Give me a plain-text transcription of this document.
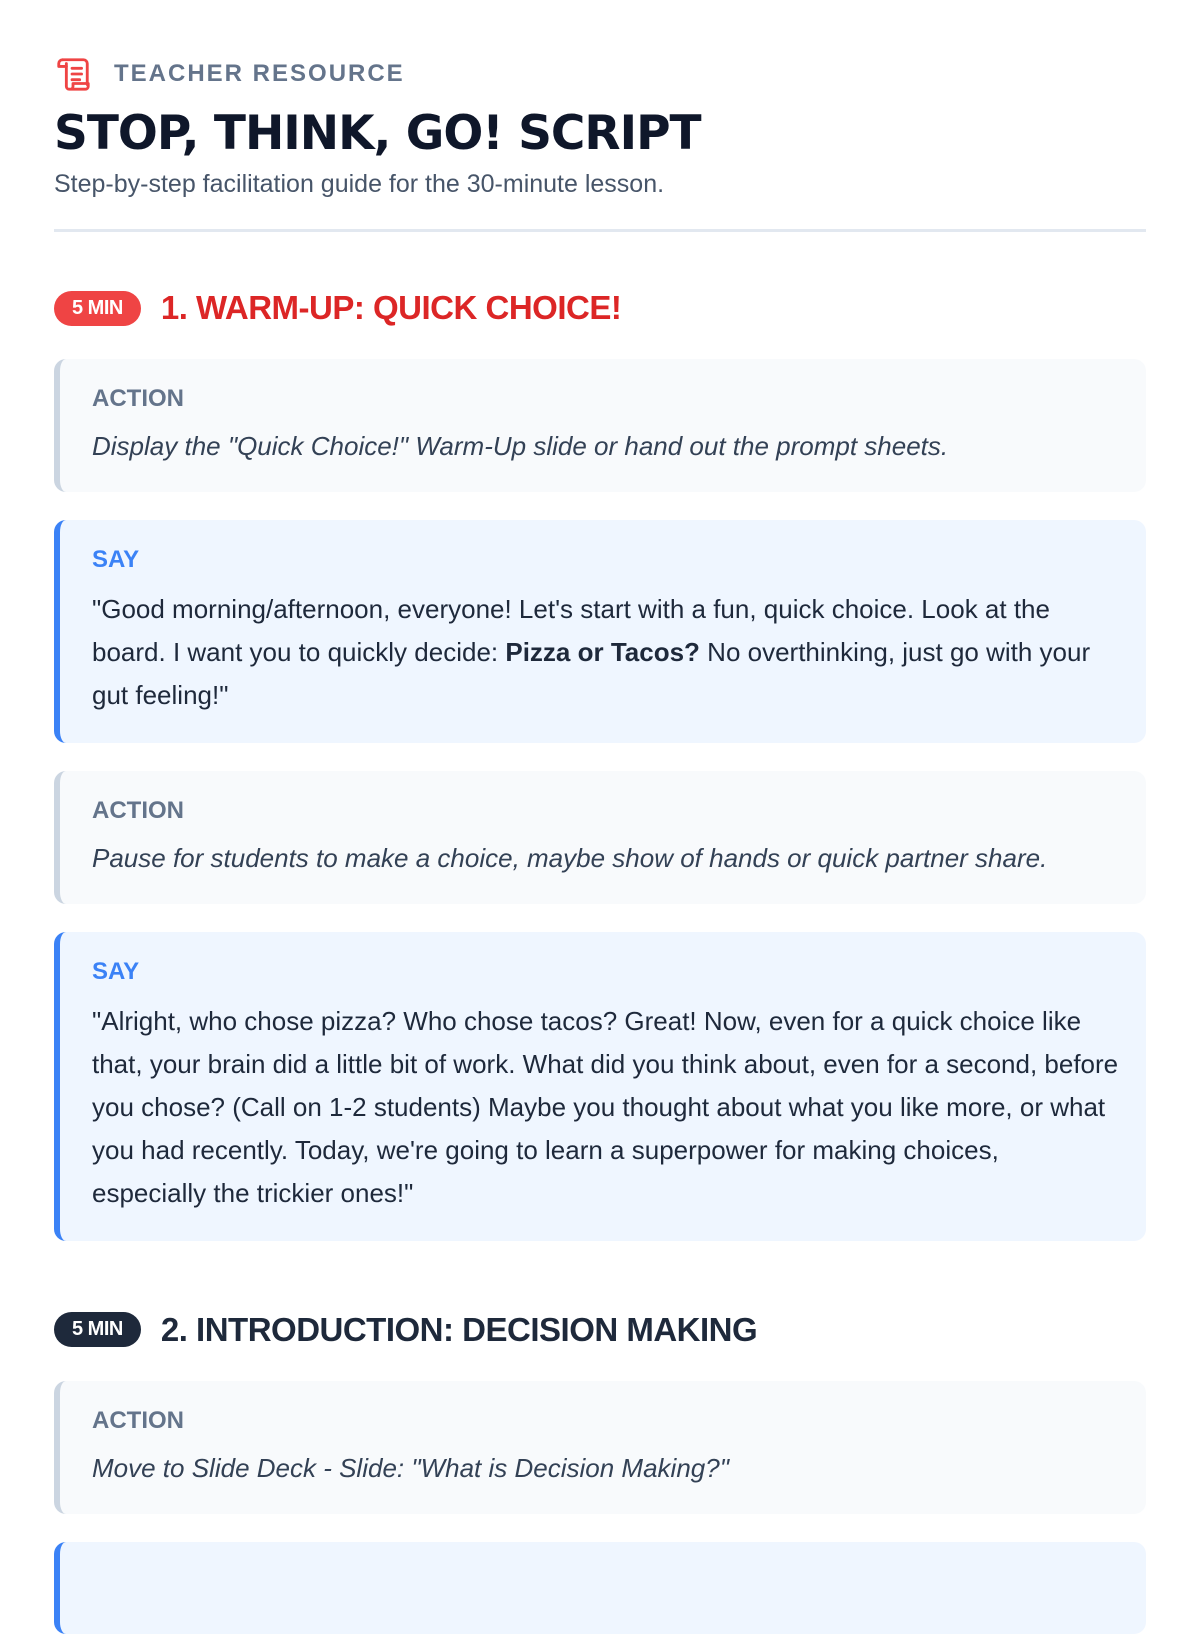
TEACHER RESOURCE
STOP, THINK, GO! SCRIPT
Step-by-step facilitation guide for the 30-minute lesson.
5 MIN	1. WARM-UP: QUICK CHOICE!
ACTION
Display the "Quick Choice!" Warm-Up slide or hand out the prompt sheets.
SAY
"Good morning/afternoon, everyone! Let's start with a fun, quick choice. Look at the board. I want you to quickly decide: Pizza or Tacos? No overthinking, just go with your gut feeling!"
ACTION
Pause for students to make a choice, maybe show of hands or quick partner share.
SAY
"Alright, who chose pizza? Who chose tacos? Great! Now, even for a quick choice like that, your brain did a little bit of work. What did you think about, even for a second, before you chose? (Call on 1-2 students) Maybe you thought about what you like more, or what you had recently. Today, we're going to learn a superpower for making choices, especially the trickier ones!"
5 MIN	2. INTRODUCTION: DECISION MAKING
ACTION
Move to Slide Deck - Slide: "What is Decision Making?"
